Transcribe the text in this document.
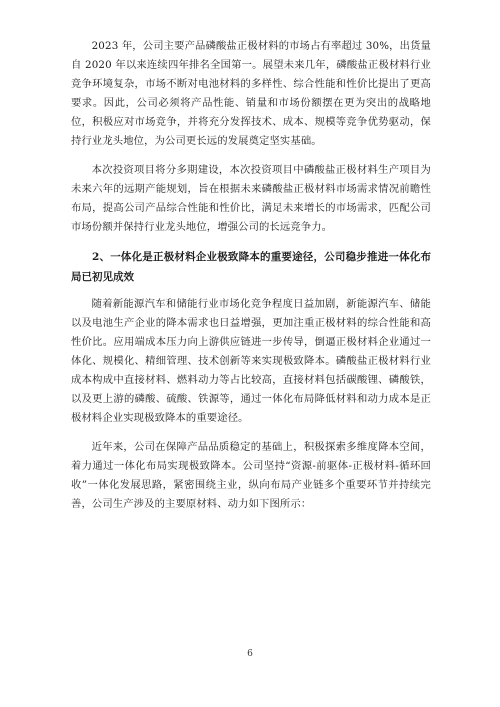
2023 年，公司主要产品磷酸盐正极材料的市场占有率超过 30%，出货量自 2020 年以来连续四年排名全国第一。展望未来几年，磷酸盐正极材料行业竞争环境复杂，市场不断对电池材料的多样性、综合性能和性价比提出了更高要求。因此，公司必须将产品性能、销量和市场份额摆在更为突出的战略地位，积极应对市场竞争，并将充分发挥技术、成本、规模等竞争优势驱动，保持行业龙头地位，为公司更长远的发展奠定坚实基础。

本次投资项目将分多期建设，本次投资项目中磷酸盐正极材料生产项目为未来六年的远期产能规划，旨在根据未来磷酸盐正极材料市场需求情况前瞻性布局，提高公司产品综合性能和性价比，满足未来增长的市场需求，匹配公司市场份额并保持行业龙头地位，增强公司的长远竞争力。

2、一体化是正极材料企业极致降本的重要途径，公司稳步推进一体化布局已初见成效

随着新能源汽车和储能行业市场化竞争程度日益加剧，新能源汽车、储能以及电池生产企业的降本需求也日益增强，更加注重正极材料的综合性能和高性价比。应用端成本压力向上游供应链进一步传导，倒逼正极材料企业通过一体化、规模化、精细管理、技术创新等来实现极致降本。磷酸盐正极材料行业成本构成中直接材料、燃料动力等占比较高，直接材料包括碳酸锂、磷酸铁，以及更上游的磷酸、硫酸、铁源等，通过一体化布局降低材料和动力成本是正极材料企业实现极致降本的重要途径。

近年来，公司在保障产品品质稳定的基础上，积极探索多维度降本空间，着力通过一体化布局实现极致降本。公司坚持“资源-前驱体-正极材料-循环回收”一体化发展思路，紧密围绕主业，纵向布局产业链多个重要环节并持续完善，公司生产涉及的主要原材料、动力如下图所示：

6
